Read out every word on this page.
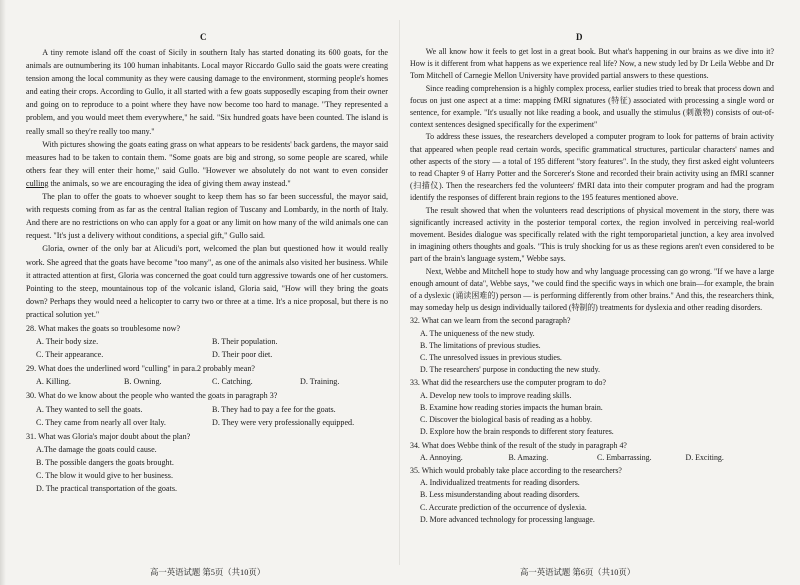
C	D

A tiny remote island off the coast of Sicily in southern Italy has started donating its 600 goats, for the animals are outnumbering its 100 human inhabitants. Local mayor Riccardo Gullo said the goats were creating tension among the local community as they were causing damage to the environment, storming people's homes and eating their crops. According to Gullo, it all started with a few goats supposedly escaping from their owner and going on to reproduce to a point where they have now become too hard to manage. "They represented a problem, and you would meet them everywhere," he said. "Six hundred goats have been counted. The island is really small so they're really too many."

With pictures showing the goats eating grass on what appears to be residents' back gardens, the mayor said measures had to be taken to contain them. "Some goats are big and strong, so some people are scared, while others fear they will enter their home," said Gullo. "However we absolutely do not want to even consider culling the animals, so we are encouraging the idea of giving them away instead."

The plan to offer the goats to whoever sought to keep them has so far been successful, the mayor said, with requests coming from as far as the central Italian region of Tuscany and Lombardy, in the north of Italy. And there are no restrictions on who can apply for a goat or any limit on how many of the wild animals one can request. "It's just a delivery without conditions, a special gift," Gullo said.

Gloria, owner of the only bar at Alicudi's port, welcomed the plan but questioned how it would really work. She agreed that the goats have become "too many", as one of the animals also visited her business. While it attracted attention at first, Gloria was concerned the goat could turn aggressive towards one of her customers. Pointing to the steep, mountainous top of the volcanic island, Gloria said, "How will they bring the goats down? Perhaps they would need a helicopter to carry two or three at a time. It's a nice proposal, but there is no practical solution yet."

28. What makes the goats so troublesome now?
A. Their body size.	B. Their population.
C. Their appearance.	D. Their poor diet.
29. What does the underlined word "culling" in para.2 probably mean?
A. Killing.	B. Owning.	C. Catching.	D. Training.
30. What do we know about the people who wanted the goats in paragraph 3?
A. They wanted to sell the goats.	B. They had to pay a fee for the goats.
C. They came from nearly all over Italy.	D. They were very professionally equipped.
31. What was Gloria's major doubt about the plan?
A.The damage the goats could cause.
B. The possible dangers the goats brought.
C. The blow it would give to her business.
D. The practical transportation of the goats.

We all know how it feels to get lost in a great book. But what's happening in our brains as we dive into it? How is it different from what happens as we experience real life? Now, a new study led by Dr Leila Webbe and Dr Tom Mitchell of Carnegie Mellon University have provided partial answers to these questions.

Since reading comprehension is a highly complex process, earlier studies tried to break that process down and focus on just one aspect at a time: mapping fMRI signatures (特征) associated with processing a single word or sentence, for example. "It's usually not like reading a book, and usually the stimulus (刺激物) consists of out-of-context sentences designed specifically for the experiment"

To address these issues, the researchers developed a computer program to look for patterns of brain activity that appeared when people read certain words, specific grammatical structures, particular characters' names and other aspects of the story — a total of 195 different "story features". In the study, they first asked eight volunteers to read Chapter 9 of Harry Potter and the Sorcerer's Stone and recorded their brain activity using an fMRI scanner (扫描仪). Then the researchers fed the volunteers' fMRI data into their computer program and had the program identify the responses of different brain regions to the 195 features mentioned above.

The result showed that when the volunteers read descriptions of physical movement in the story, there was significantly increased activity in the posterior temporal cortex, the region involved in perceiving real-world movement. Besides dialogue was specifically related with the right temporoparietal junction, a key area involved in imagining others thoughts and goals. "This is truly shocking for us as these regions aren't even considered to be part of the brain's language system," Webbe says.

Next, Webbe and Mitchell hope to study how and why language processing can go wrong. "If we have a large enough amount of data", Webbe says, "we could find the specific ways in which one brain—for example, the brain of a dyslexic (诵读困难的) person — is performing differently from other brains." And this, the researchers think, may someday help us design individually tailored (特制的) treatments for dyslexia and other reading disorders.

32. What can we learn from the second paragraph?
A. The uniqueness of the new study.
B. The limitations of previous studies.
C. The unresolved issues in previous studies.
D. The researchers' purpose in conducting the new study.
33. What did the researchers use the computer program to do?
A. Develop new tools to improve reading skills.
B. Examine how reading stories impacts the human brain.
C. Discover the biological basis of reading as a hobby.
D. Explore how the brain responds to different story features.
34. What does Webbe think of the result of the study in paragraph 4?
A. Annoying.	B. Amazing.	C. Embarrassing.	D. Exciting.
35. Which would probably take place according to the researchers?
A. Individualized treatments for reading disorders.
B. Less misunderstanding about reading disorders.
C. Accurate prediction of the occurrence of dyslexia.
D. More advanced technology for processing language.
高一英语试题 第5页（共10页）	高一英语试题 第6页（共10页）
